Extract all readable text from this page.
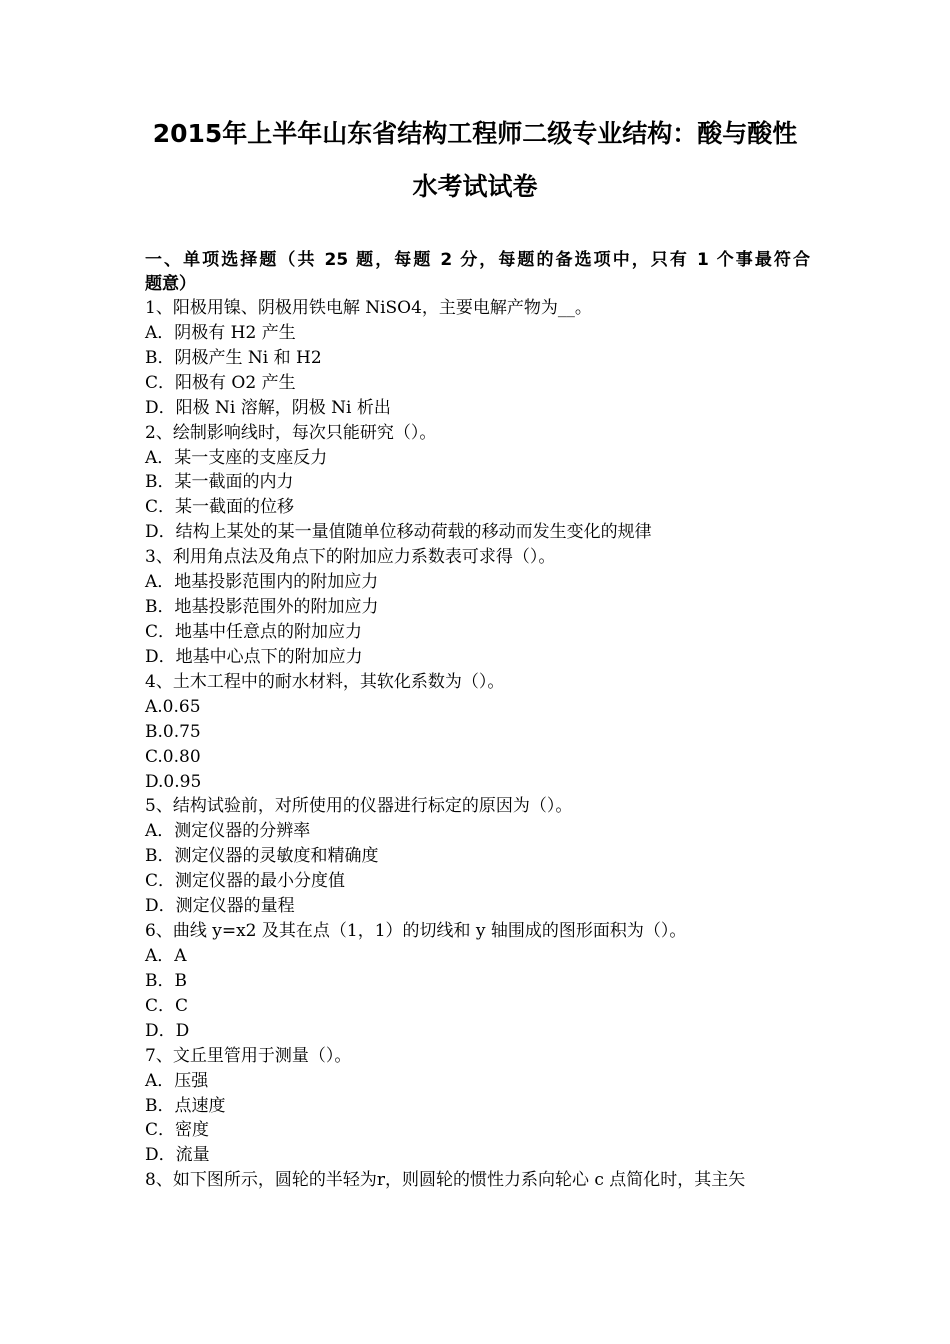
2015年上半年山东省结构工程师二级专业结构：酸与酸性
水考试试卷
一、单项选择题（共 25 题，每题 2 分，每题的备选项中，只有 1 个事最符合
题意）
1、阳极用镍、阴极用铁电解 NiSO4，主要电解产物为__。
A．阴极有 H2 产生
B．阴极产生 Ni 和 H2
C．阳极有 O2 产生
D．阳极 Ni 溶解，阴极 Ni 析出
2、绘制影响线时，每次只能研究（）。
A．某一支座的支座反力
B．某一截面的内力
C．某一截面的位移
D．结构上某处的某一量值随单位移动荷载的移动而发生变化的规律
3、利用角点法及角点下的附加应力系数表可求得（）。
A．地基投影范围内的附加应力
B．地基投影范围外的附加应力
C．地基中任意点的附加应力
D．地基中心点下的附加应力
4、土木工程中的耐水材料，其软化系数为（）。
A.0.65
B.0.75
C.0.80
D.0.95
5、结构试验前，对所使用的仪器进行标定的原因为（）。
A．测定仪器的分辨率
B．测定仪器的灵敏度和精确度
C．测定仪器的最小分度值
D．测定仪器的量程
6、曲线 y=x2 及其在点（1，1）的切线和 y 轴围成的图形面积为（）。
A．A
B．B
C．C
D．D
7、文丘里管用于测量（）。
A．压强
B．点速度
C．密度
D．流量
8、如下图所示，圆轮的半轻为r，则圆轮的惯性力系向轮心 c 点简化时，其主矢
